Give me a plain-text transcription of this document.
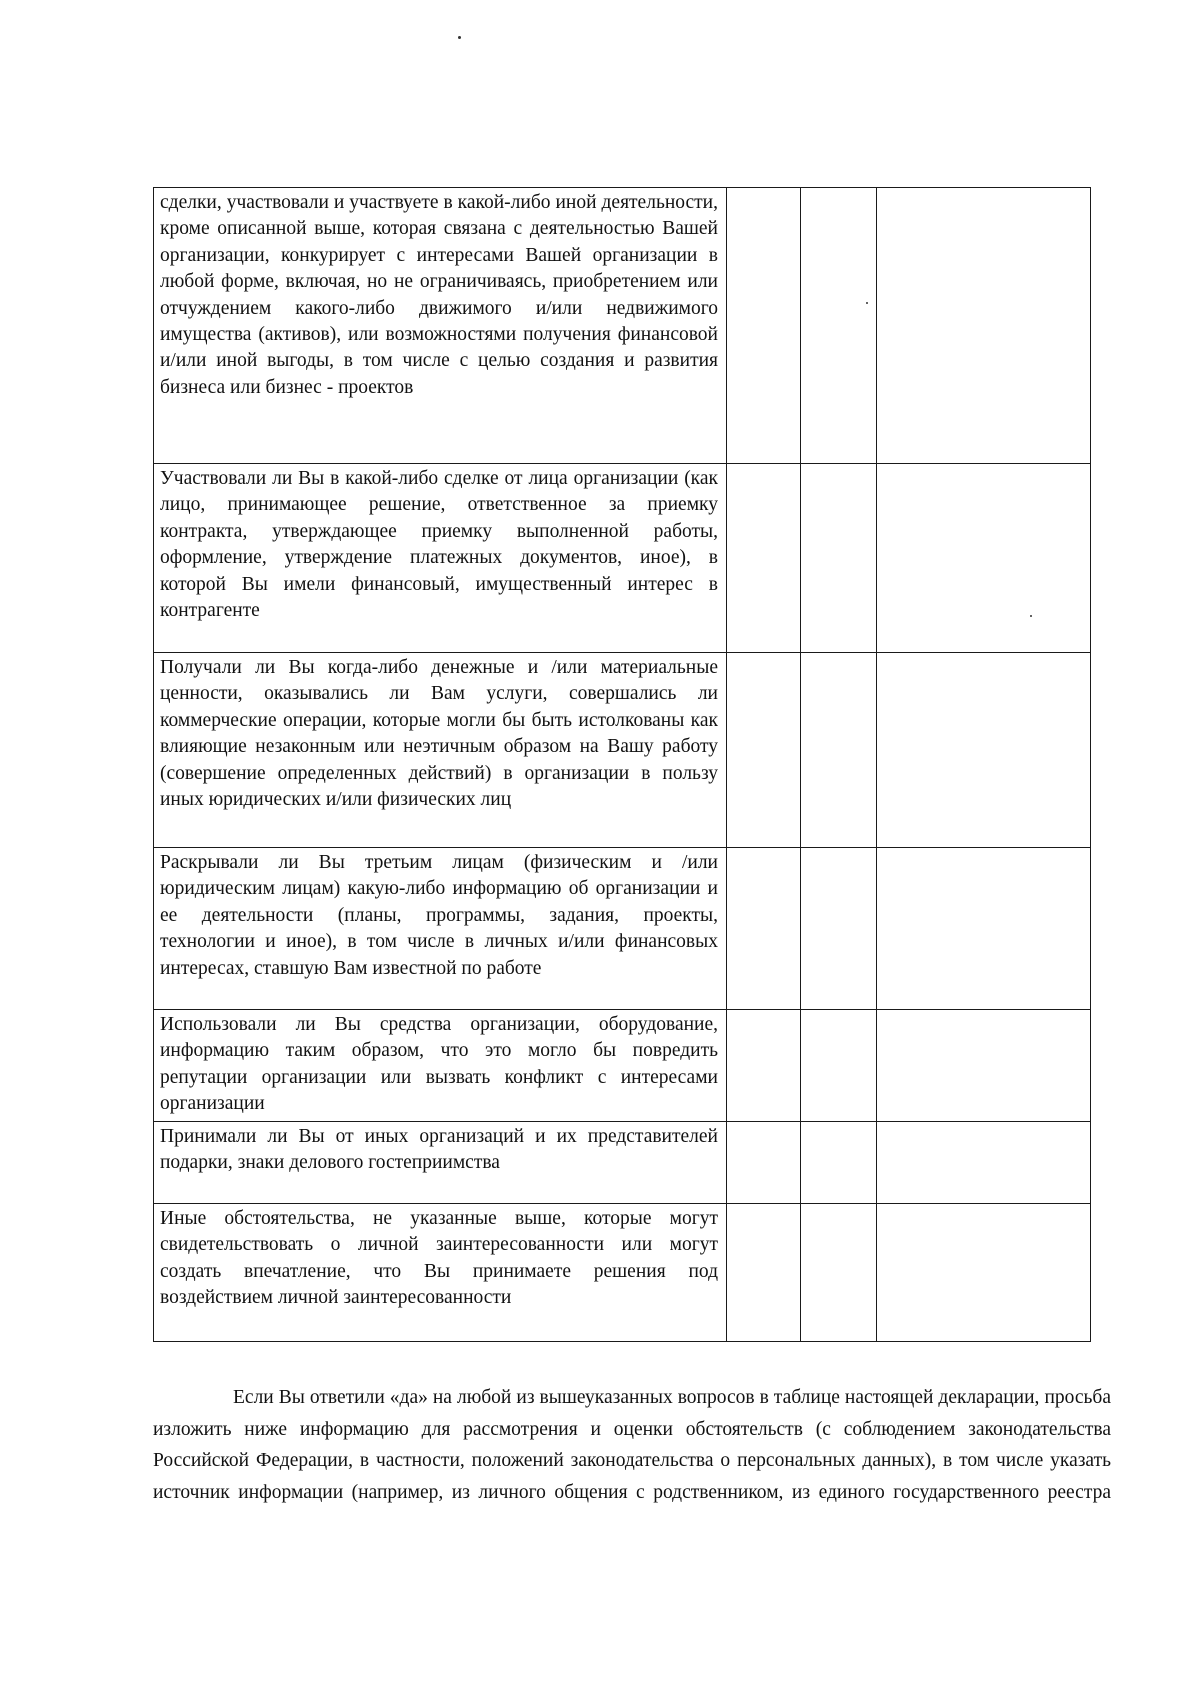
сделки, участвовали и участвуете в какой-либо иной деятельности, кроме описанной выше, которая связана с деятельностью Вашей организации, конкурирует с интересами Вашей организации в любой форме, включая, но не ограничиваясь, приобретением или отчуждением какого-либо движимого и/или недвижимого имущества (активов), или возможностями получения финансовой и/или иной выгоды, в том числе с целью создания и развития бизнеса или бизнес - проектов			
Участвовали ли Вы в какой-либо сделке от лица организации (как лицо, принимающее решение, ответственное за приемку контракта, утверждающее приемку выполненной работы, оформление, утверждение платежных документов, иное), в которой Вы имели финансовый, имущественный интерес в контрагенте			
Получали ли Вы когда-либо денежные и /или материальные ценности, оказывались ли Вам услуги, совершались ли коммерческие операции, которые могли бы быть истолкованы как влияющие незаконным или неэтичным образом на Вашу работу (совершение определенных действий) в организации в пользу иных юридических и/или физических лиц			
Раскрывали ли Вы третьим лицам (физическим и /или юридическим лицам) какую-либо информацию об организации и ее деятельности (планы, программы, задания, проекты, технологии и иное), в том числе в личных и/или финансовых интересах, ставшую Вам известной по работе			
Использовали ли Вы средства организации, оборудование, информацию таким образом, что это могло бы повредить репутации организации или вызвать конфликт с интересами организации			
Принимали ли Вы от иных организаций и их представителей подарки, знаки делового гостеприимства			
Иные обстоятельства, не указанные выше, которые могут свидетельствовать о личной заинтересованности или могут создать впечатление, что Вы принимаете решения под воздействием личной заинтересованности			
Если Вы ответили «да» на любой из вышеуказанных вопросов в таблице настоящей декларации, просьба изложить ниже информацию для рассмотрения и оценки обстоятельств (с соблюдением законодательства Российской Федерации, в частности, положений законодательства о персональных данных), в том числе указать источник информации (например, из личного общения с родственником, из единого государственного реестра
